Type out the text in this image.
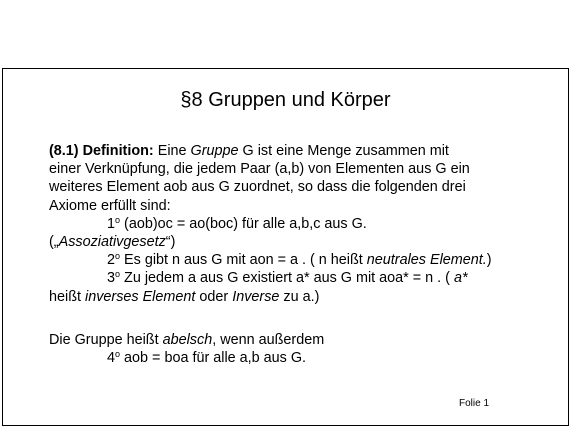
§8 Gruppen und Körper

(8.1) Definition: Eine Gruppe G ist eine Menge zusammen mit

einer Verknüpfung, die jedem Paar (a,b) von Elementen aus G ein

weiteres Element aob aus G zuordnet, so dass die folgenden drei

Axiome erfüllt sind:

1$^o$ (aob)oc = ao(boc) für alle a,b,c aus G.

(„Assoziativgesetz“)

2$^o$ Es gibt n aus G mit aon = a . ( n heißt neutrales Element.)

3$^o$ Zu jedem a aus G existiert a* aus G mit aoa* = n . ( a*

heißt inverses Element oder Inverse zu a.)

Die Gruppe heißt abelsch, wenn außerdem

4$^o$ aob = boa für alle a,b aus G.

Folie 1
